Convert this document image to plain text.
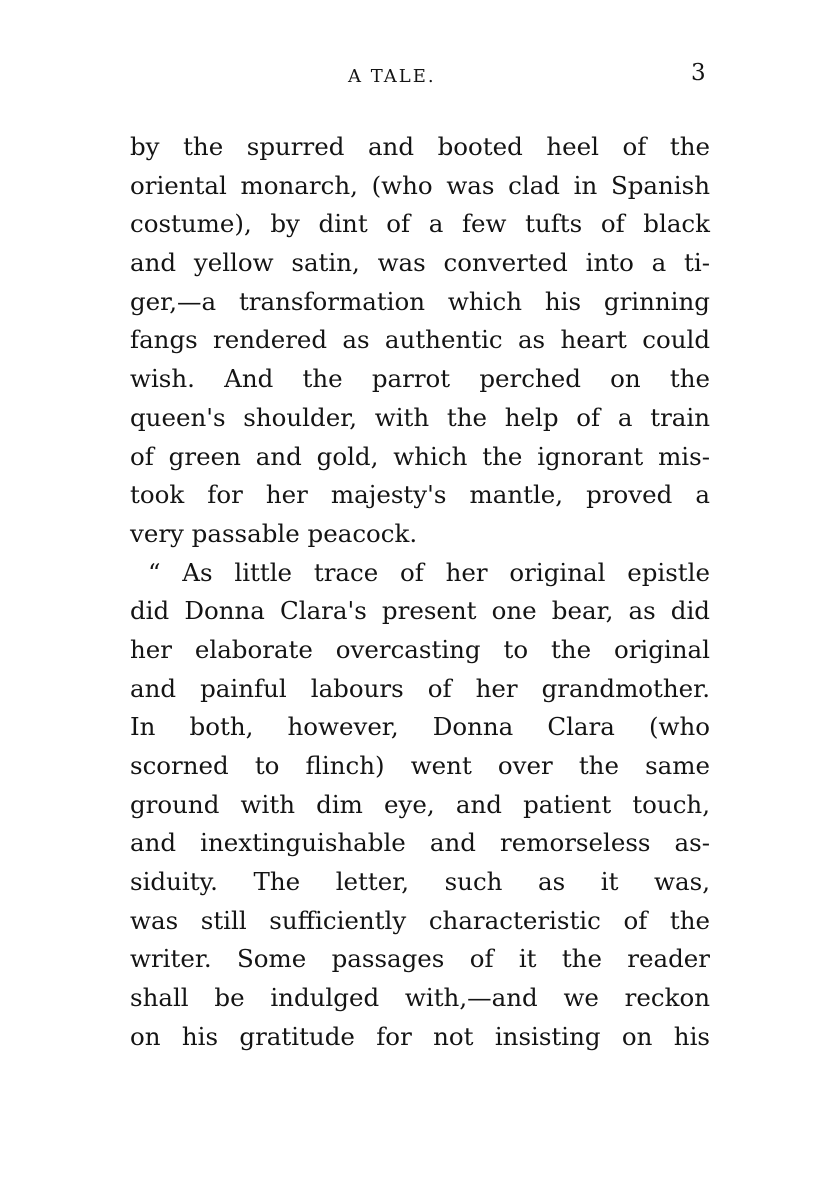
A TALE.	3
by the spurred and booted heel of the
oriental monarch, (who was clad in Spanish
costume), by dint of a few tufts of black
and yellow satin, was converted into a ti-
ger,—a transformation which his grinning
fangs rendered as authentic as heart could
wish. And the parrot perched on the
queen's shoulder, with the help of a train
of green and gold, which the ignorant mis-
took for her majesty's mantle, proved a
very passable peacock.
“ As little trace of her original epistle
did Donna Clara's present one bear, as did
her elaborate overcasting to the original
and painful labours of her grandmother.
In both, however, Donna Clara (who
scorned to flinch) went over the same
ground with dim eye, and patient touch,
and inextinguishable and remorseless as-
siduity. The letter, such as it was,
was still sufficiently characteristic of the
writer. Some passages of it the reader
shall be indulged with,—and we reckon
on his gratitude for not insisting on his
